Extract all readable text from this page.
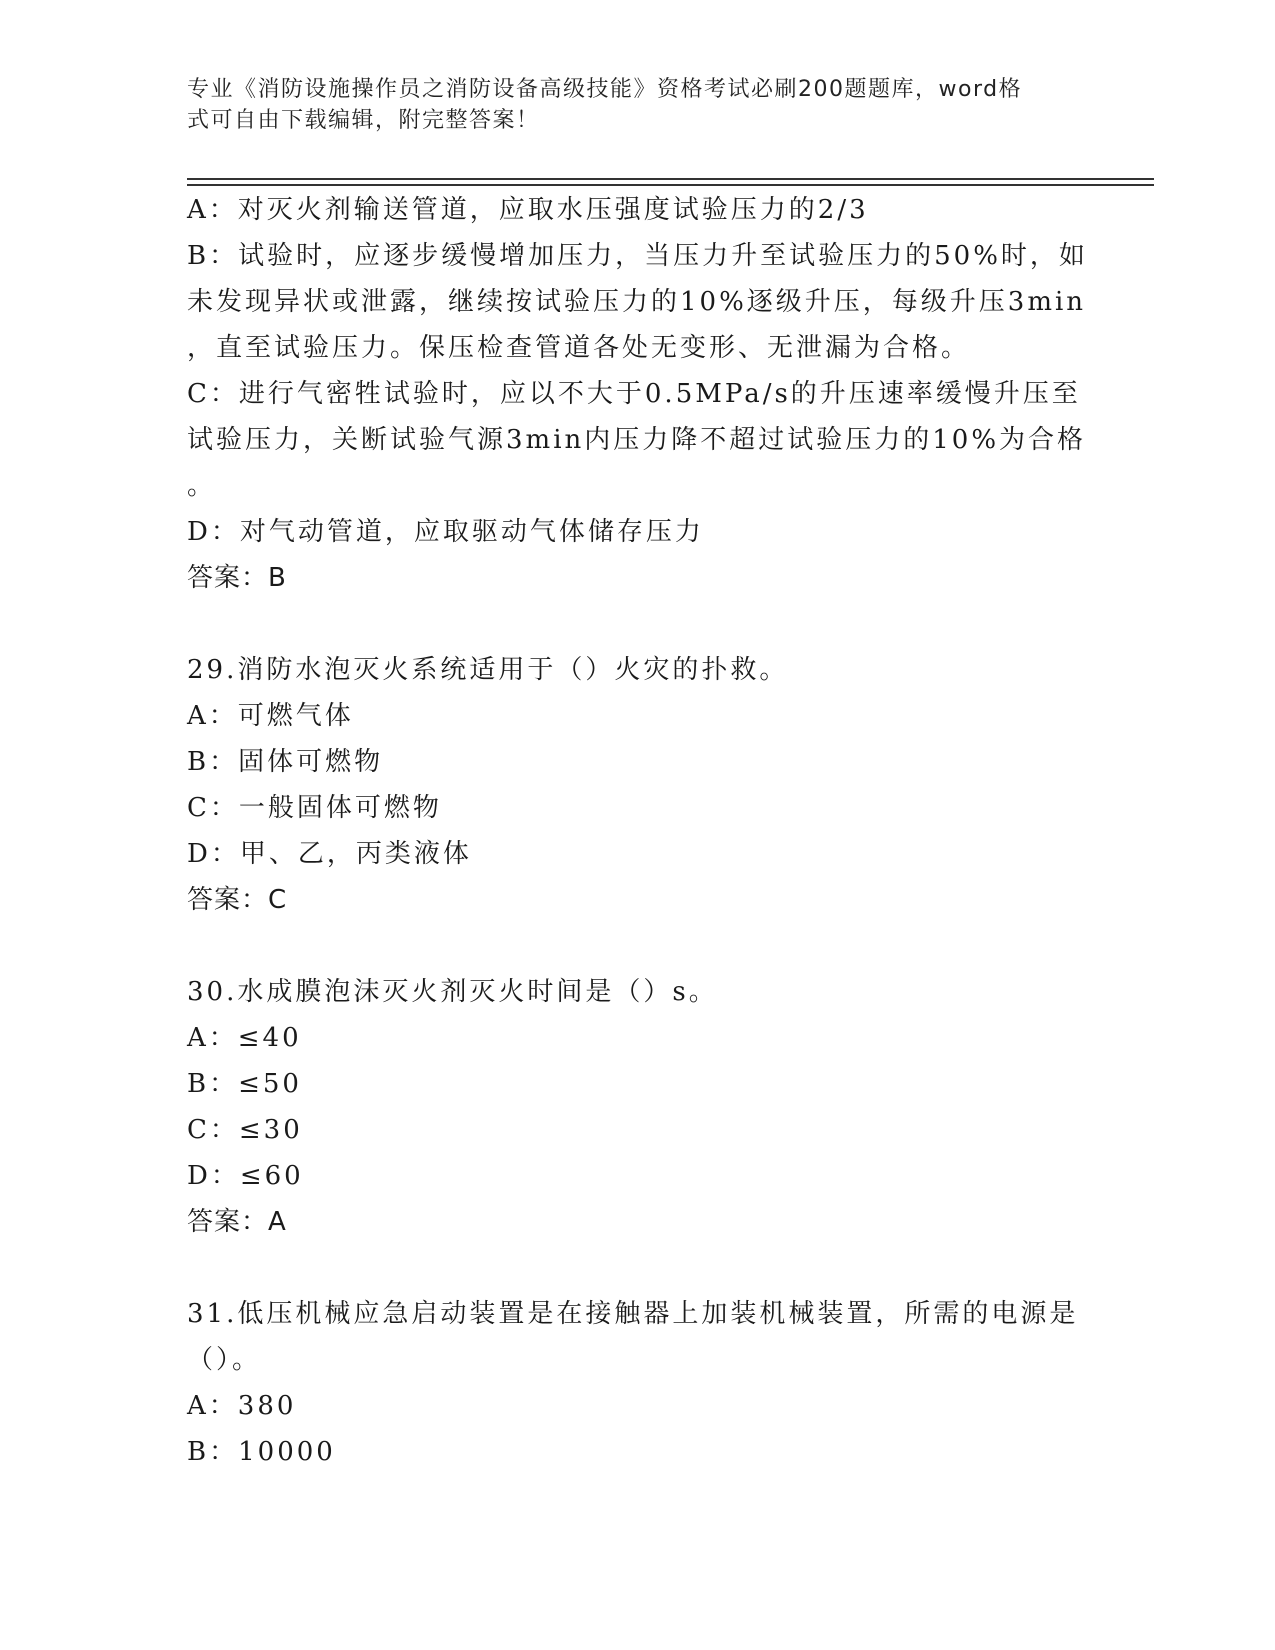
专业《消防设施操作员之消防设备高级技能》资格考试必刷200题题库，word格
式可自由下载编辑，附完整答案！
A：对灭火剂输送管道，应取水压强度试验压力的2/3
B：试验时，应逐步缓慢增加压力，当压力升至试验压力的50%时，如
未发现异状或泄露，继续按试验压力的10%逐级升压，每级升压3min
，直至试验压力。保压检查管道各处无变形、无泄漏为合格。
C：进行气密牲试验时，应以不大于0.5MPa/s的升压速率缓慢升压至
试验压力，关断试验气源3min内压力降不超过试验压力的10%为合格
。
D：对气动管道，应取驱动气体储存压力
答案：B
29.消防水泡灭火系统适用于（）火灾的扑救。
A：可燃气体
B：固体可燃物
C：一般固体可燃物
D：甲、乙，丙类液体
答案：C
30.水成膜泡沫灭火剂灭火时间是（）s。
A：≤40
B：≤50
C：≤30
D：≤60
答案：A
31.低压机械应急启动装置是在接触器上加装机械装置，所需的电源是
（）。
A：380
B：10000
